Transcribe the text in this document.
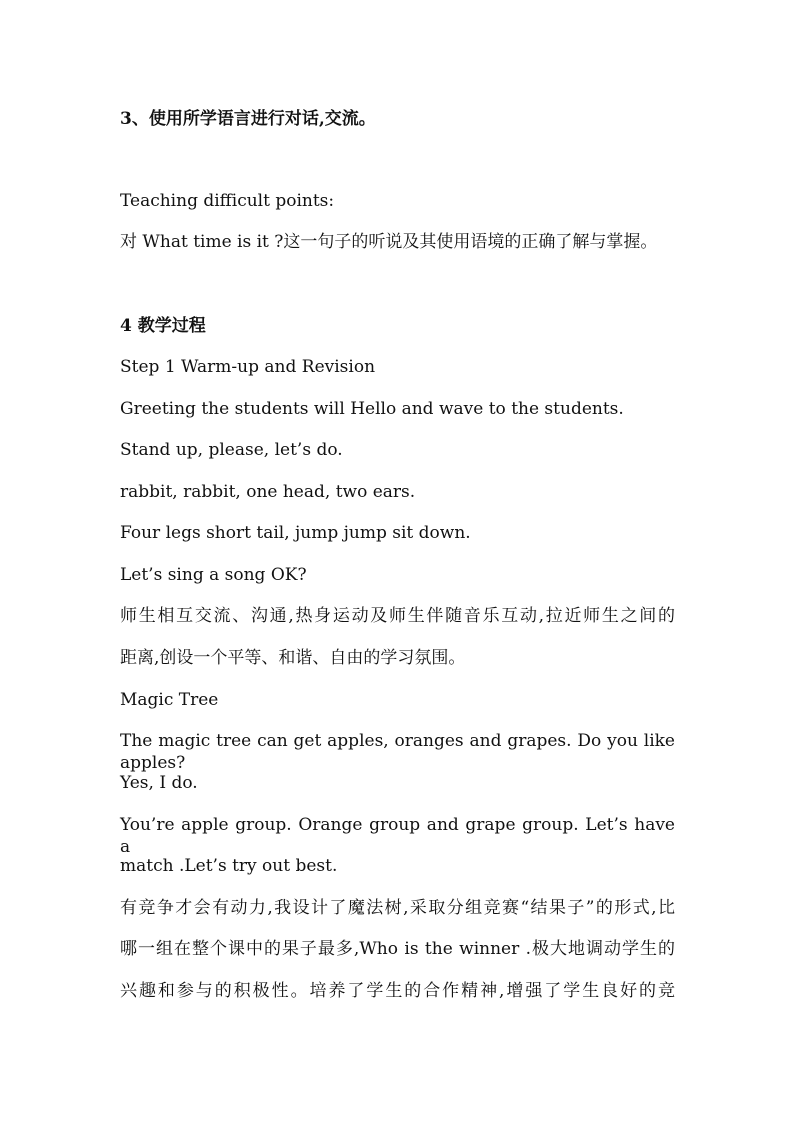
3、使用所学语言进行对话,交流。
Teaching difficult points:
对 What time is it ?这一句子的听说及其使用语境的正确了解与掌握。
4 教学过程
Step 1 Warm-up and Revision
Greeting the students will Hello and wave to the students.
Stand up, please, let’s do.
rabbit, rabbit, one head, two ears.
Four legs short tail, jump jump sit down.
Let’s sing a song OK?
师生相互交流、沟通,热身运动及师生伴随音乐互动,拉近师生之间的
距离,创设一个平等、和谐、自由的学习氛围。
Magic Tree
The magic tree can get apples, oranges and grapes. Do you like apples?
Yes, I do.
You’re apple group. Orange group and grape group. Let’s have a
match .Let’s try out best.
有竞争才会有动力,我设计了魔法树,采取分组竞赛“结果子”的形式,比
哪一组在整个课中的果子最多,Who is the winner .极大地调动学生的
兴趣和参与的积极性。培养了学生的合作精神,增强了学生良好的竞
